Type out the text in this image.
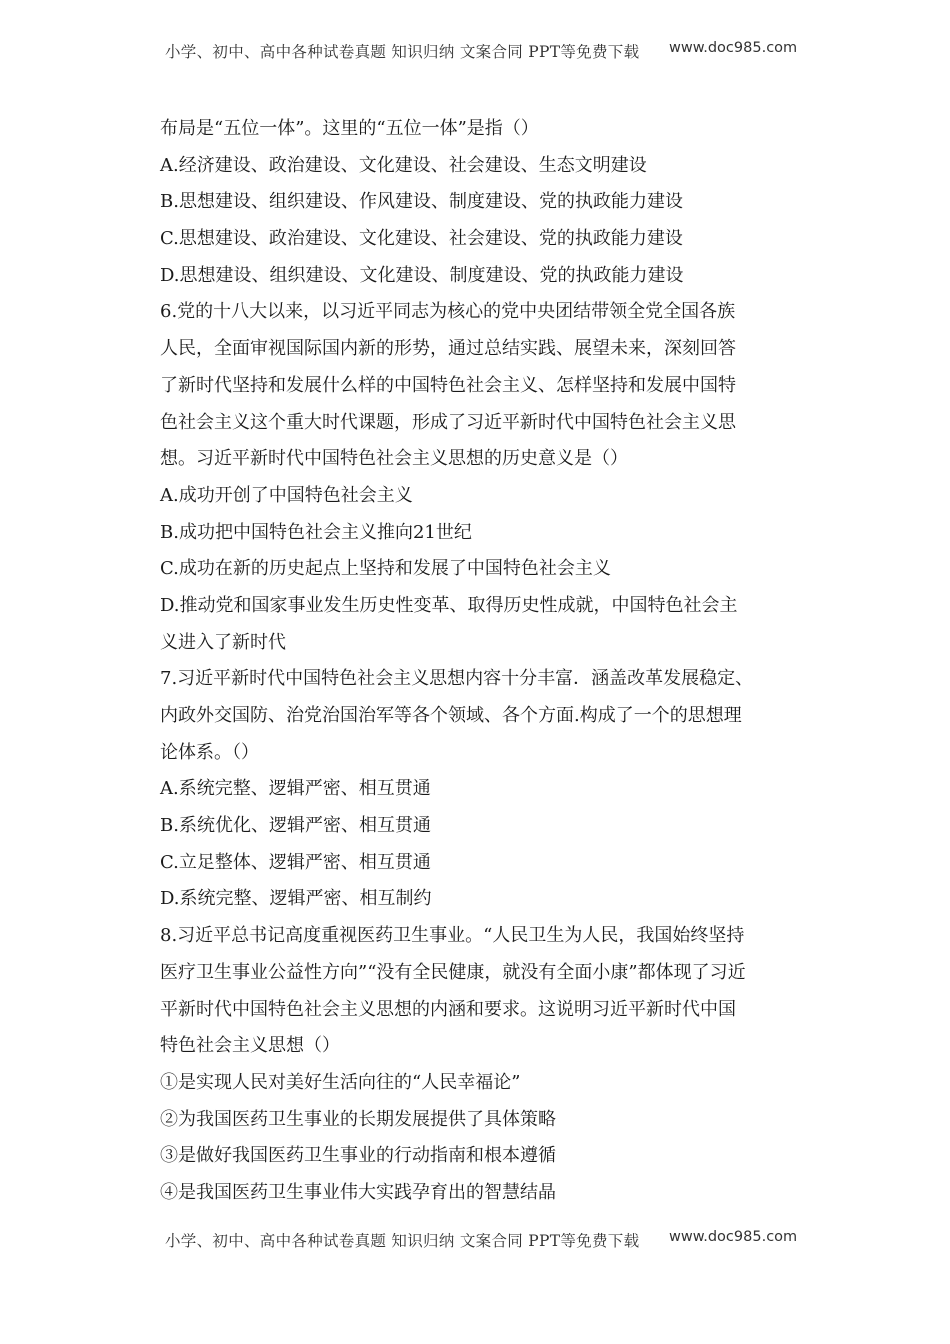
小学、初中、高中各种试卷真题 知识归纳 文案合同 PPT等免费下载 www.doc985.com
布局是“五位一体”。这里的“五位一体”是指（）
A.经济建设、政治建设、文化建设、社会建设、生态文明建设
B.思想建设、组织建设、作风建设、制度建设、党的执政能力建设
C.思想建设、政治建设、文化建设、社会建设、党的执政能力建设
D.思想建设、组织建设、文化建设、制度建设、党的执政能力建设
6.党的十八大以来，以习近平同志为核心的党中央团结带领全党全国各族
人民，全面审视国际国内新的形势，通过总结实践、展望未来，深刻回答
了新时代坚持和发展什么样的中国特色社会主义、怎样坚持和发展中国特
色社会主义这个重大时代课题，形成了习近平新时代中国特色社会主义思
想。习近平新时代中国特色社会主义思想的历史意义是（）
A.成功开创了中国特色社会主义
B.成功把中国特色社会主义推向21世纪
C.成功在新的历史起点上坚持和发展了中国特色社会主义
D.推动党和国家事业发生历史性变革、取得历史性成就，中国特色社会主
义进入了新时代
7.习近平新时代中国特色社会主义思想内容十分丰富．涵盖改革发展稳定、
内政外交国防、治党治国治军等各个领域、各个方面.构成了一个的思想理
论体系。（）
A.系统完整、逻辑严密、相互贯通
B.系统优化、逻辑严密、相互贯通
C.立足整体、逻辑严密、相互贯通
D.系统完整、逻辑严密、相互制约
8.习近平总书记高度重视医药卫生事业。“人民卫生为人民，我国始终坚持
医疗卫生事业公益性方向”“没有全民健康，就没有全面小康”都体现了习近
平新时代中国特色社会主义思想的内涵和要求。这说明习近平新时代中国
特色社会主义思想（）
①是实现人民对美好生活向往的“人民幸福论”
②为我国医药卫生事业的长期发展提供了具体策略
③是做好我国医药卫生事业的行动指南和根本遵循
④是我国医药卫生事业伟大实践孕育出的智慧结晶
小学、初中、高中各种试卷真题 知识归纳 文案合同 PPT等免费下载 www.doc985.com
